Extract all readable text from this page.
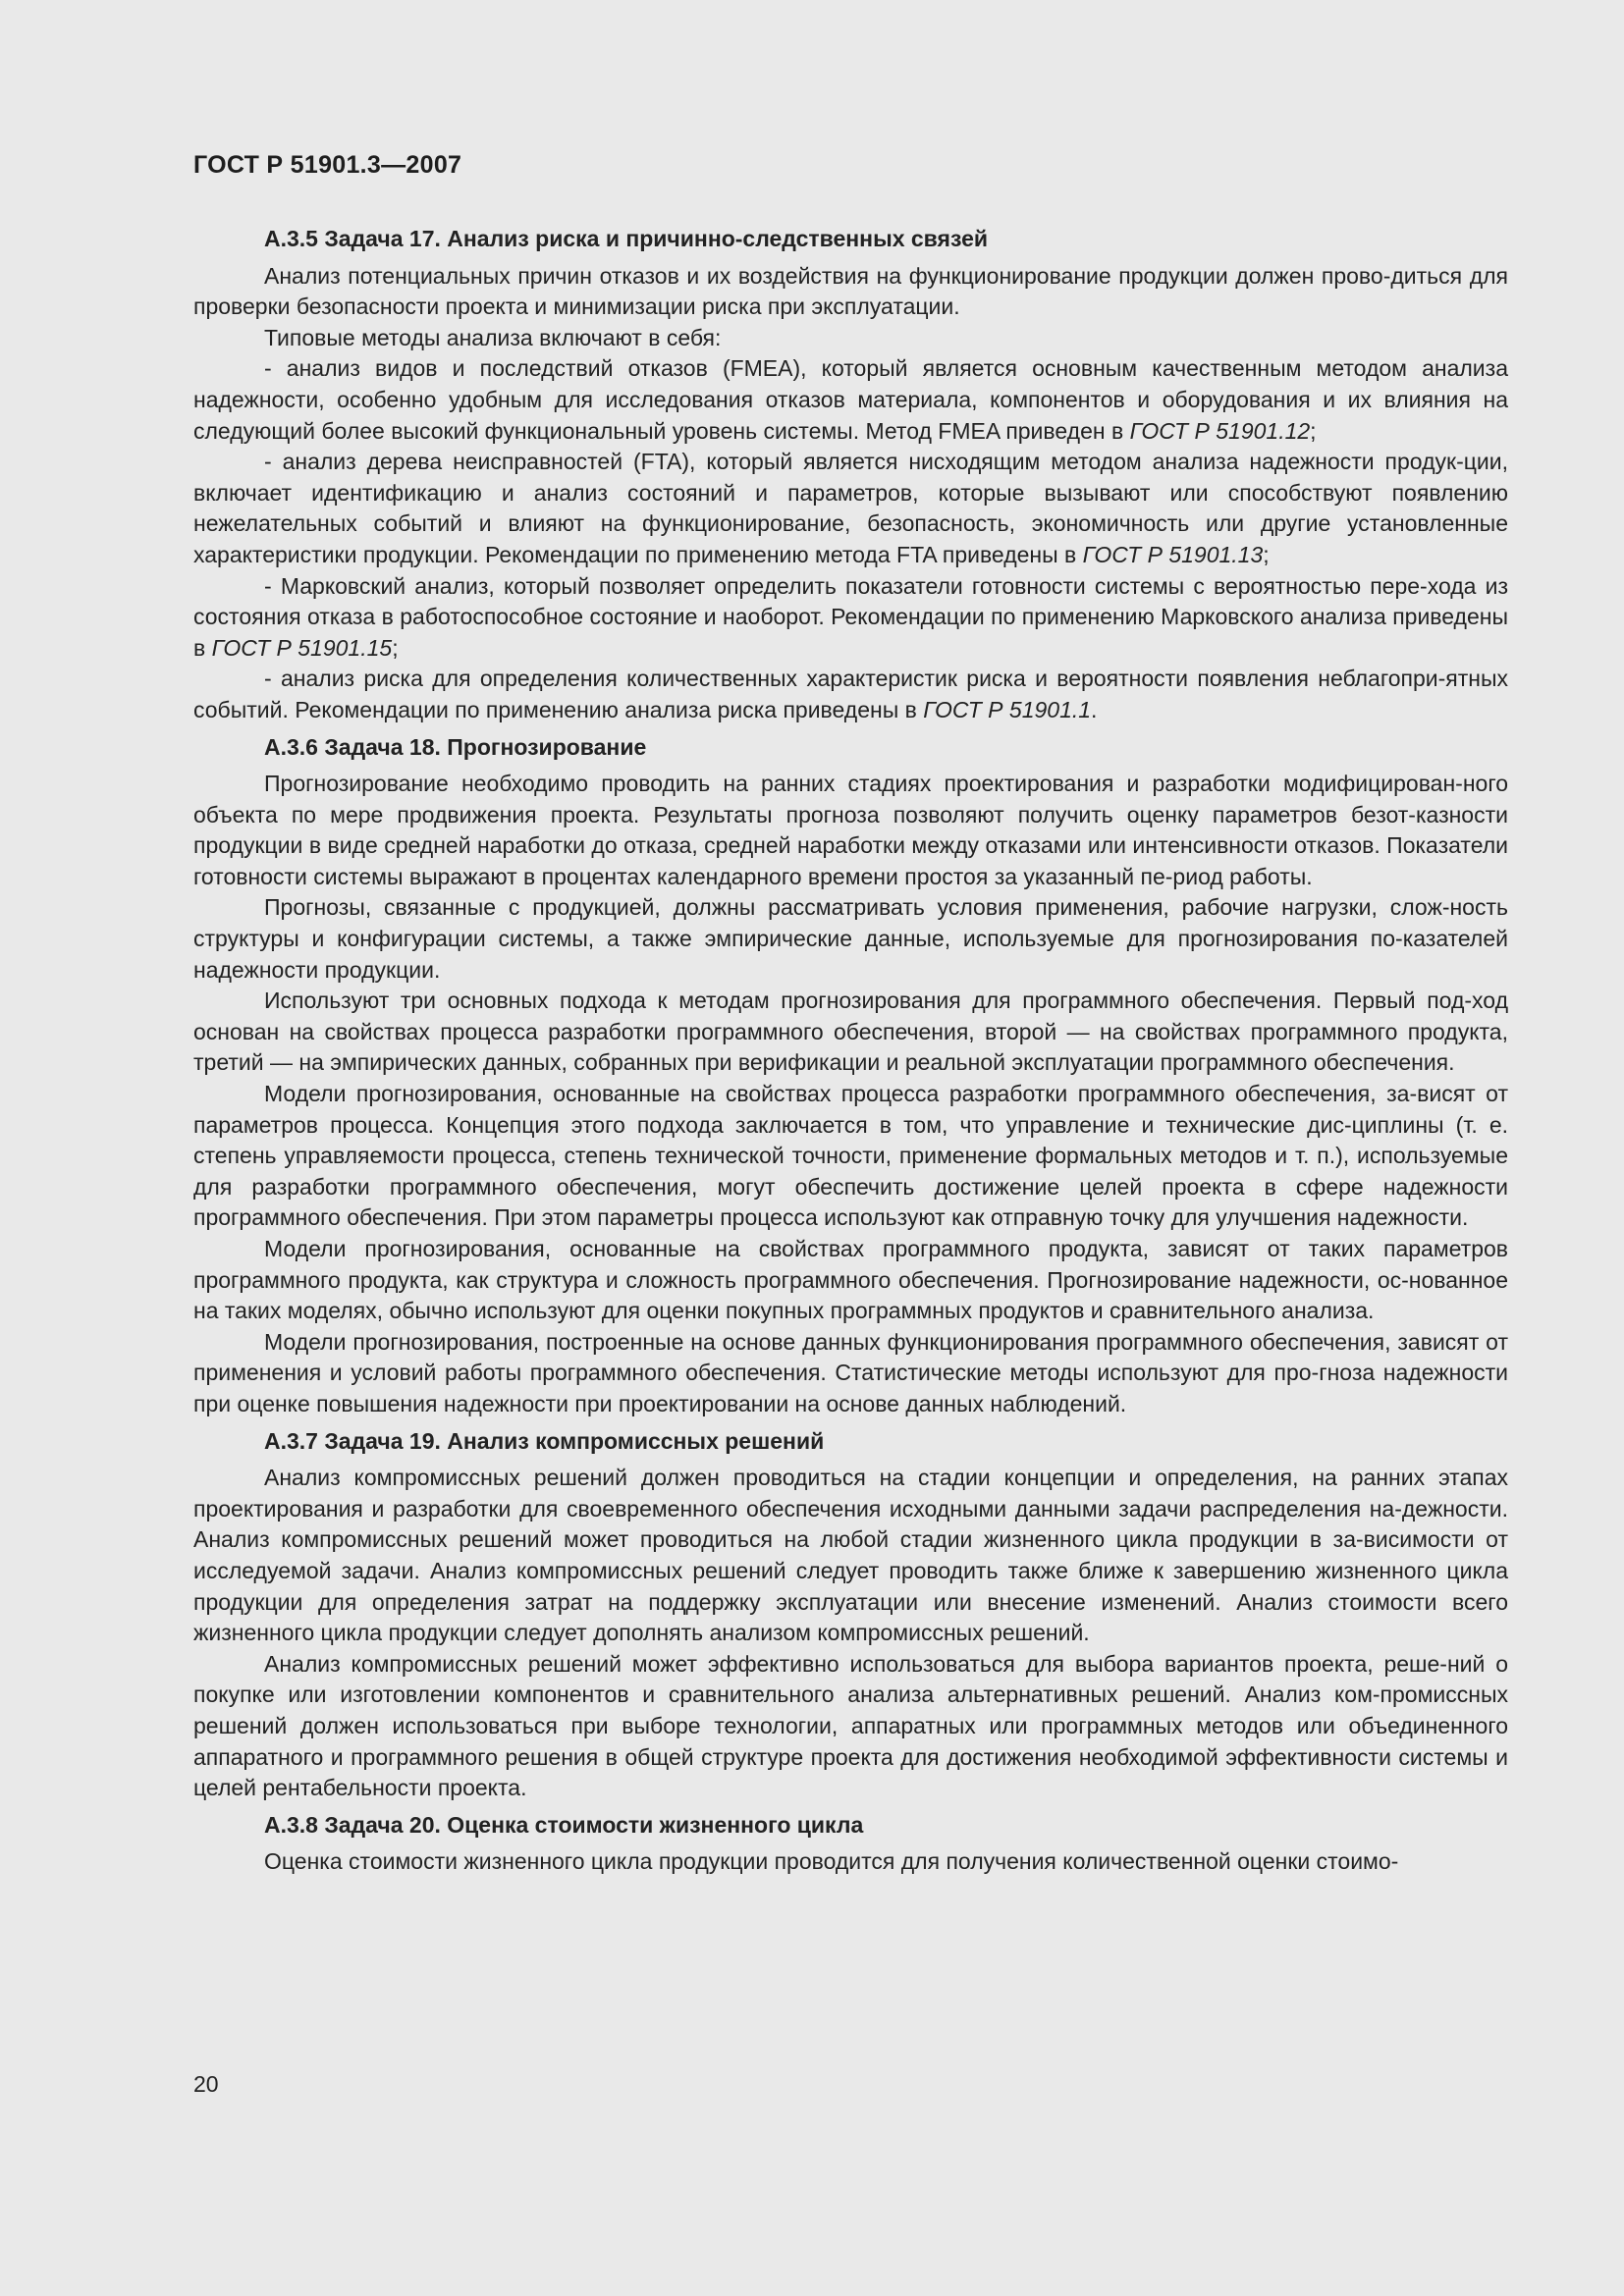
ГОСТ Р 51901.3—2007

А.3.5 Задача 17. Анализ риска и причинно-следственных связей

Анализ потенциальных причин отказов и их воздействия на функционирование продукции должен прово-диться для проверки безопасности проекта и минимизации риска при эксплуатации.

Типовые методы анализа включают в себя:

- анализ видов и последствий отказов (FMEA), который является основным качественным методом анализа надежности, особенно удобным для исследования отказов материала, компонентов и оборудования и их влияния на следующий более высокий функциональный уровень системы. Метод FMEA приведен в ГОСТ Р 51901.12;

- анализ дерева неисправностей (FTA), который является нисходящим методом анализа надежности продук-ции, включает идентификацию и анализ состояний и параметров, которые вызывают или способствуют появлению нежелательных событий и влияют на функционирование, безопасность, экономичность или другие установленные характеристики продукции. Рекомендации по применению метода FTA приведены в ГОСТ Р 51901.13;

- Марковский анализ, который позволяет определить показатели готовности системы с вероятностью пере-хода из состояния отказа в работоспособное состояние и наоборот. Рекомендации по применению Марковского анализа приведены в ГОСТ Р 51901.15;

- анализ риска для определения количественных характеристик риска и вероятности появления неблагопри-ятных событий. Рекомендации по применению анализа риска приведены в ГОСТ Р 51901.1.

А.3.6 Задача 18. Прогнозирование

Прогнозирование необходимо проводить на ранних стадиях проектирования и разработки модифицирован-ного объекта по мере продвижения проекта. Результаты прогноза позволяют получить оценку параметров безот-казности продукции в виде средней наработки до отказа, средней наработки между отказами или интенсивности отказов. Показатели готовности системы выражают в процентах календарного времени простоя за указанный пе-риод работы.

Прогнозы, связанные с продукцией, должны рассматривать условия применения, рабочие нагрузки, слож-ность структуры и конфигурации системы, а также эмпирические данные, используемые для прогнозирования по-казателей надежности продукции.

Используют три основных подхода к методам прогнозирования для программного обеспечения. Первый под-ход основан на свойствах процесса разработки программного обеспечения, второй — на свойствах программного продукта, третий — на эмпирических данных, собранных при верификации и реальной эксплуатации программного обеспечения.

Модели прогнозирования, основанные на свойствах процесса разработки программного обеспечения, за-висят от параметров процесса. Концепция этого подхода заключается в том, что управление и технические дис-циплины (т. е. степень управляемости процесса, степень технической точности, применение формальных методов и т. п.), используемые для разработки программного обеспечения, могут обеспечить достижение целей проекта в сфере надежности программного обеспечения. При этом параметры процесса используют как отправную точку для улучшения надежности.

Модели прогнозирования, основанные на свойствах программного продукта, зависят от таких параметров программного продукта, как структура и сложность программного обеспечения. Прогнозирование надежности, ос-нованное на таких моделях, обычно используют для оценки покупных программных продуктов и сравнительного анализа.

Модели прогнозирования, построенные на основе данных функционирования программного обеспечения, зависят от применения и условий работы программного обеспечения. Статистические методы используют для про-гноза надежности при оценке повышения надежности при проектировании на основе данных наблюдений.

А.3.7 Задача 19. Анализ компромиссных решений

Анализ компромиссных решений должен проводиться на стадии концепции и определения, на ранних этапах проектирования и разработки для своевременного обеспечения исходными данными задачи распределения на-дежности. Анализ компромиссных решений может проводиться на любой стадии жизненного цикла продукции в за-висимости от исследуемой задачи. Анализ компромиссных решений следует проводить также ближе к завершению жизненного цикла продукции для определения затрат на поддержку эксплуатации или внесение изменений. Анализ стоимости всего жизненного цикла продукции следует дополнять анализом компромиссных решений.

Анализ компромиссных решений может эффективно использоваться для выбора вариантов проекта, реше-ний о покупке или изготовлении компонентов и сравнительного анализа альтернативных решений. Анализ ком-промиссных решений должен использоваться при выборе технологии, аппаратных или программных методов или объединенного аппаратного и программного решения в общей структуре проекта для достижения необходимой эффективности системы и целей рентабельности проекта.

А.3.8 Задача 20. Оценка стоимости жизненного цикла

Оценка стоимости жизненного цикла продукции проводится для получения количественной оценки стоимо-

20
